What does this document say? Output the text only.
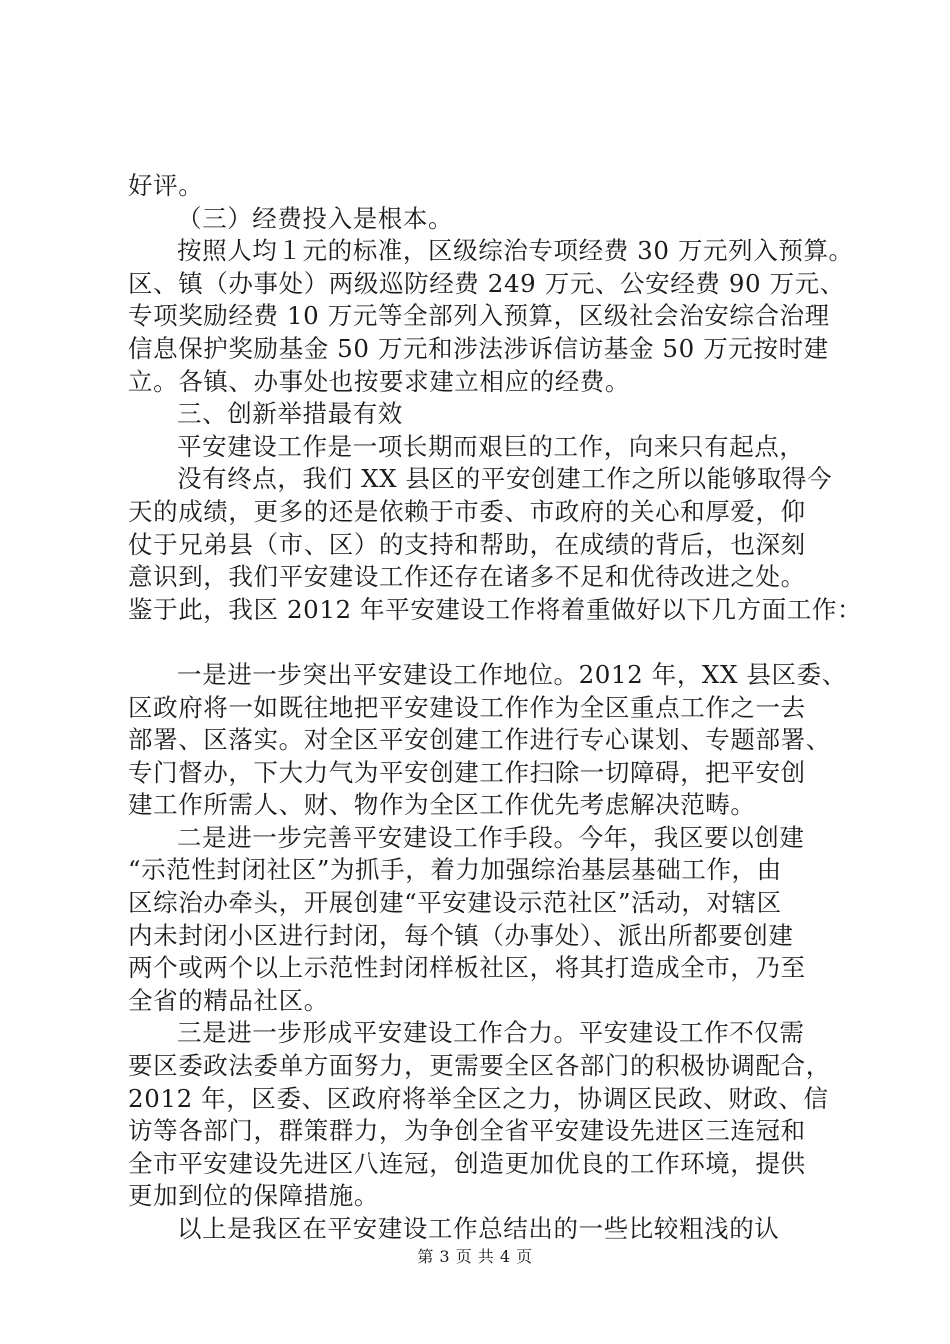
好评。
（三）经费投入是根本。
按照人均１元的标准，区级综治专项经费 30 万元列入预算。
区、镇（办事处）两级巡防经费 249 万元、公安经费 90 万元、
专项奖励经费 10 万元等全部列入预算，区级社会治安综合治理
信息保护奖励基金 50 万元和涉法涉诉信访基金 50 万元按时建
立。各镇、办事处也按要求建立相应的经费。
三、创新举措最有效
平安建设工作是一项长期而艰巨的工作，向来只有起点，
没有终点，我们 XX 县区的平安创建工作之所以能够取得今
天的成绩，更多的还是依赖于市委、市政府的关心和厚爱，仰
仗于兄弟县（市、区）的支持和帮助，在成绩的背后，也深刻
意识到，我们平安建设工作还存在诸多不足和优待改进之处。
鉴于此，我区 2012 年平安建设工作将着重做好以下几方面工作：
一是进一步突出平安建设工作地位。2012 年，XX 县区委、
区政府将一如既往地把平安建设工作作为全区重点工作之一去
部署、区落实。对全区平安创建工作进行专心谋划、专题部署、
专门督办，下大力气为平安创建工作扫除一切障碍，把平安创
建工作所需人、财、物作为全区工作优先考虑解决范畴。
二是进一步完善平安建设工作手段。今年，我区要以创建
“示范性封闭社区”为抓手，着力加强综治基层基础工作，由
区综治办牵头，开展创建“平安建设示范社区”活动，对辖区
内未封闭小区进行封闭，每个镇（办事处）、派出所都要创建
两个或两个以上示范性封闭样板社区，将其打造成全市，乃至
全省的精品社区。
三是进一步形成平安建设工作合力。平安建设工作不仅需
要区委政法委单方面努力，更需要全区各部门的积极协调配合，
2012 年，区委、区政府将举全区之力，协调区民政、财政、信
访等各部门，群策群力，为争创全省平安建设先进区三连冠和
全市平安建设先进区八连冠，创造更加优良的工作环境，提供
更加到位的保障措施。
以上是我区在平安建设工作总结出的一些比较粗浅的认
第 3 页 共 4 页
